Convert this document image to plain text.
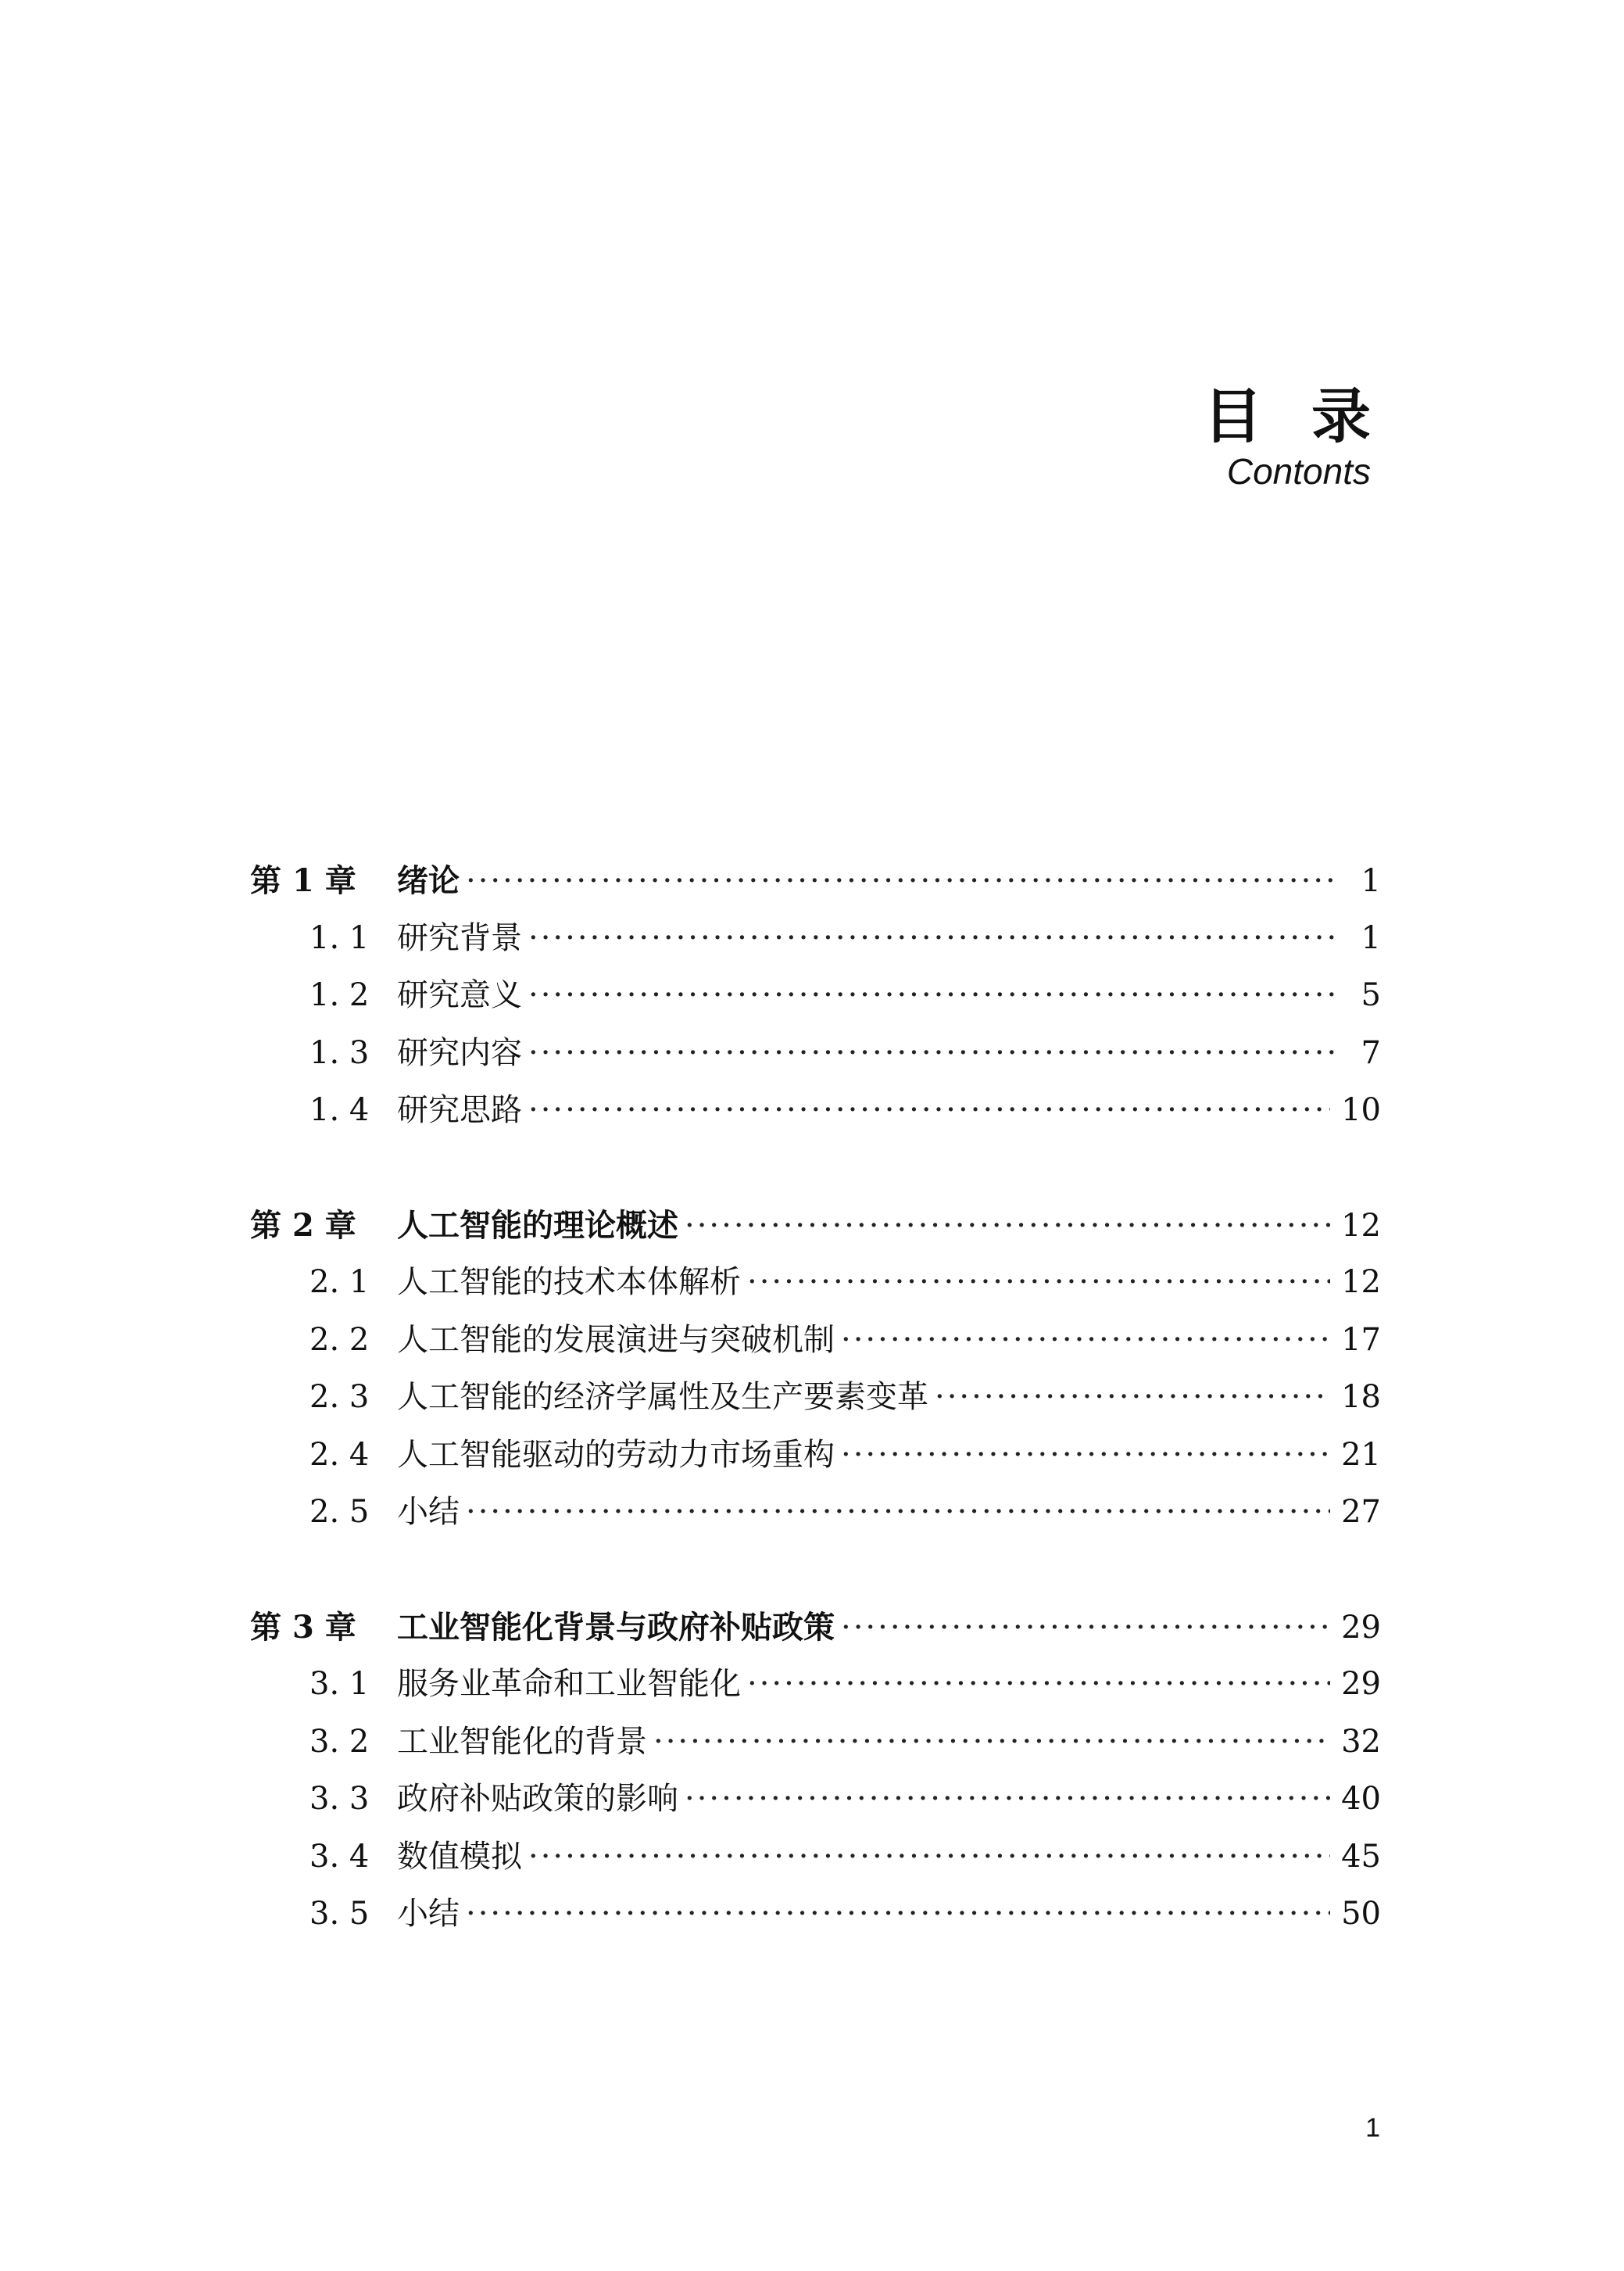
目 录
Contonts
第 1 章	绪论 ·····	1
1. 1 研究背景 ·····	1
1. 2 研究意义 ·····	5
1. 3 研究内容 ·····	7
1. 4 研究思路 ·····	10
第 2 章	人工智能的理论概述 ·····	12
2. 1 人工智能的技术本体解析 ·····	12
2. 2 人工智能的发展演进与突破机制 ·····	17
2. 3 人工智能的经济学属性及生产要素变革 ·····	18
2. 4 人工智能驱动的劳动力市场重构 ·····	21
2. 5 小结 ·····	27
第 3 章	工业智能化背景与政府补贴政策 ·····	29
3. 1 服务业革命和工业智能化 ·····	29
3. 2 工业智能化的背景 ·····	32
3. 3 政府补贴政策的影响 ·····	40
3. 4 数值模拟 ·····	45
3. 5 小结 ·····	50
1
